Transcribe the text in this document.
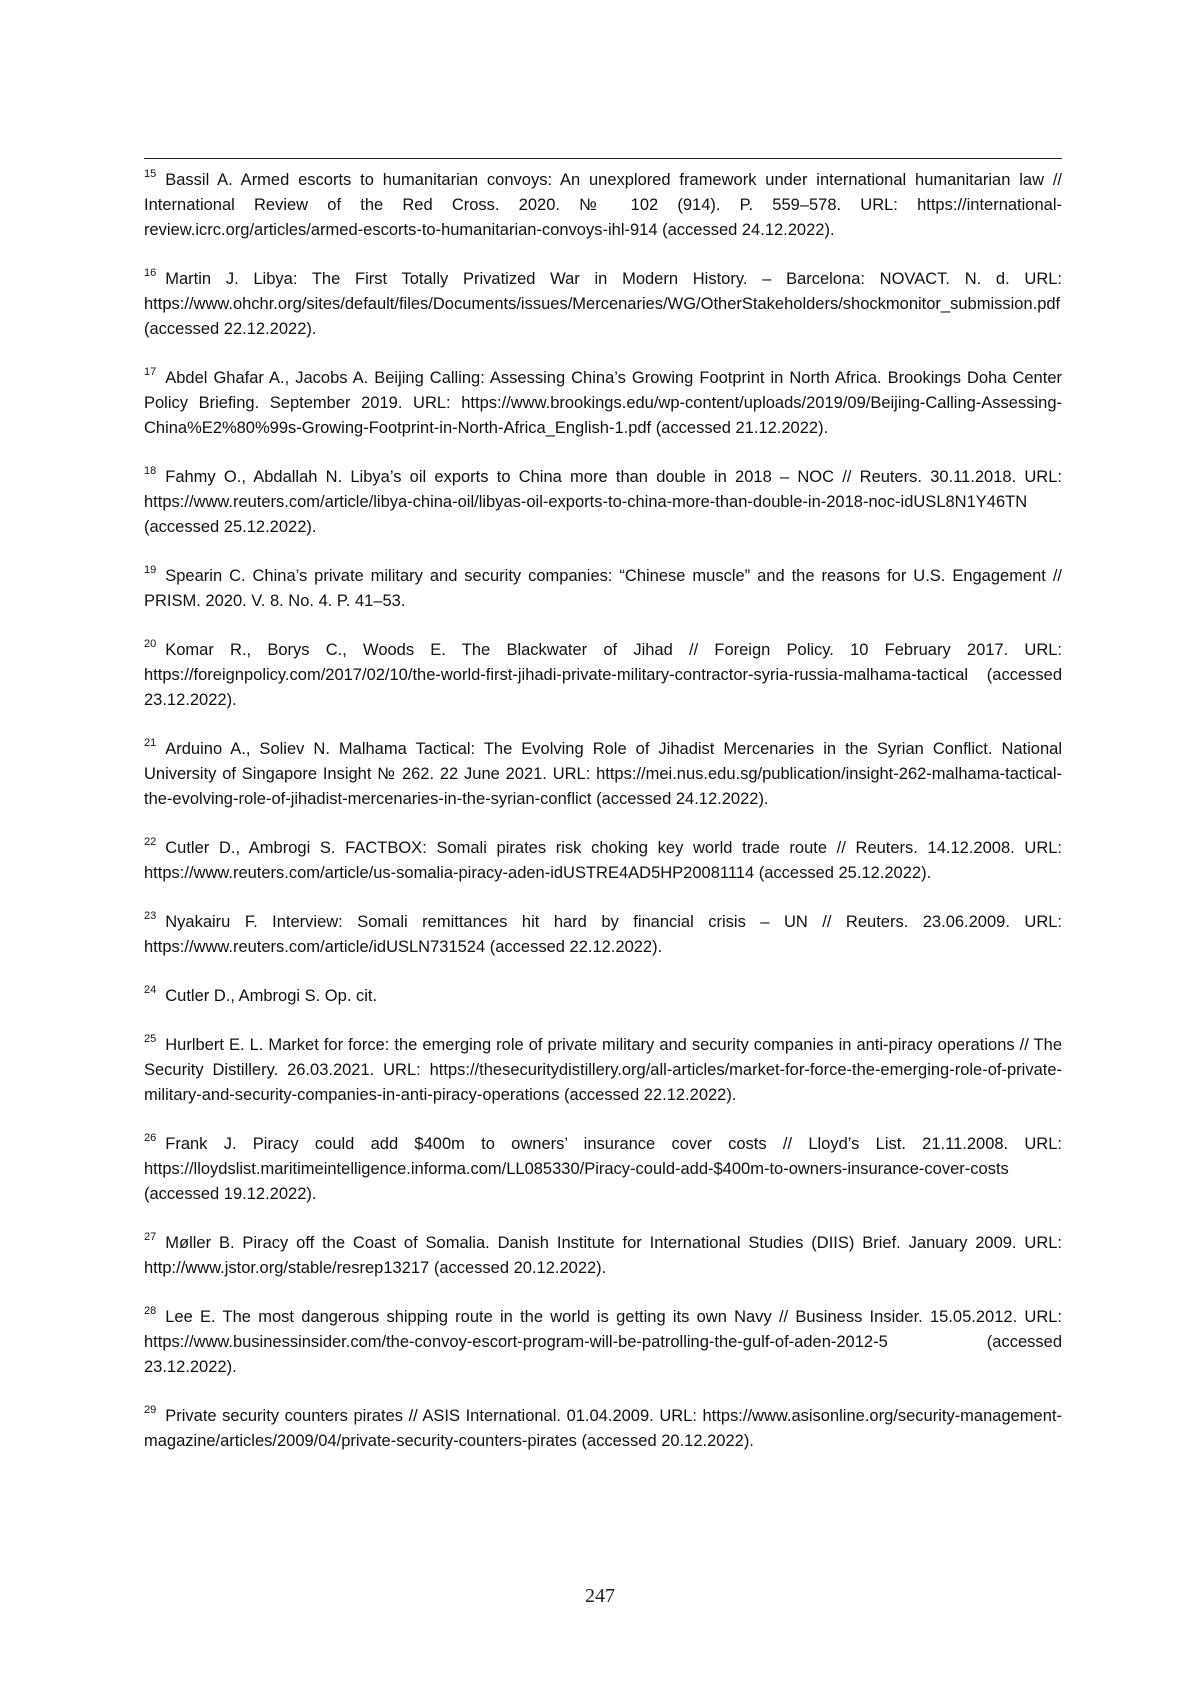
$^{15}$ Bassil A. Armed escorts to humanitarian convoys: An unexplored framework under international humanitarian law // International Review of the Red Cross. 2020. № 102 (914). P. 559–578. URL: https://international-review.icrc.org/articles/armed-escorts-to-humanitarian-convoys-ihl-914 (accessed 24.12.2022).

$^{16}$ Martin J. Libya: The First Totally Privatized War in Modern History. – Barcelona: NOVACT. N. d. URL: https://www.ohchr.org/sites/default/files/Documents/issues/Mercenaries/WG/OtherStakeholders/shockmonitor_submission.pdf (accessed 22.12.2022).

$^{17}$ Abdel Ghafar A., Jacobs A. Beijing Calling: Assessing China’s Growing Footprint in North Africa. Brookings Doha Center Policy Briefing. September 2019. URL: https://www.brookings.edu/wp-content/uploads/2019/09/Beijing-Calling-Assessing-China%E2%80%99s-Growing-Footprint-in-North-Africa_English-1.pdf (accessed 21.12.2022).

$^{18}$ Fahmy O., Abdallah N. Libya’s oil exports to China more than double in 2018 – NOC // Reuters. 30.11.2018. URL: https://www.reuters.com/article/libya-china-oil/libyas-oil-exports-to-china-more-than-double-in-2018-noc-idUSL8N1Y46TN (accessed 25.12.2022).

$^{19}$ Spearin C. China’s private military and security companies: “Chinese muscle” and the reasons for U.S. Engagement // PRISM. 2020. V. 8. No. 4. P. 41–53.

$^{20}$ Komar R., Borys C., Woods E. The Blackwater of Jihad // Foreign Policy. 10 February 2017. URL: https://foreignpolicy.com/2017/02/10/the-world-first-jihadi-private-military-contractor-syria-russia-malhama-tactical (accessed 23.12.2022).

$^{21}$ Arduino A., Soliev N. Malhama Tactical: The Evolving Role of Jihadist Mercenaries in the Syrian Conflict. National University of Singapore Insight № 262. 22 June 2021. URL: https://mei.nus.edu.sg/publication/insight-262-malhama-tactical-the-evolving-role-of-jihadist-mercenaries-in-the-syrian-conflict (accessed 24.12.2022).

$^{22}$ Cutler D., Ambrogi S. FACTBOX: Somali pirates risk choking key world trade route // Reuters. 14.12.2008. URL: https://www.reuters.com/article/us-somalia-piracy-aden-idUSTRE4AD5HP20081114 (accessed 25.12.2022).

$^{23}$ Nyakairu F. Interview: Somali remittances hit hard by financial crisis – UN // Reuters. 23.06.2009. URL: https://www.reuters.com/article/idUSLN731524 (accessed 22.12.2022).

$^{24}$ Cutler D., Ambrogi S. Op. cit.

$^{25}$ Hurlbert E. L. Market for force: the emerging role of private military and security companies in anti-piracy operations // The Security Distillery. 26.03.2021. URL: https://thesecuritydistillery.org/all-articles/market-for-force-the-emerging-role-of-private-military-and-security-companies-in-anti-piracy-operations (accessed 22.12.2022).

$^{26}$ Frank J. Piracy could add $400m to owners’ insurance cover costs // Lloyd’s List. 21.11.2008. URL: https://lloydslist.maritimeintelligence.informa.com/LL085330/Piracy-could-add-$400m-to-owners-insurance-cover-costs (accessed 19.12.2022).

$^{27}$ Møller B. Piracy off the Coast of Somalia. Danish Institute for International Studies (DIIS) Brief. January 2009. URL: http://www.jstor.org/stable/resrep13217 (accessed 20.12.2022).

$^{28}$ Lee E. The most dangerous shipping route in the world is getting its own Navy // Business Insider. 15.05.2012. URL: https://www.businessinsider.com/the-convoy-escort-program-will-be-patrolling-the-gulf-of-aden-2012-5 (accessed 23.12.2022).

$^{29}$ Private security counters pirates // ASIS International. 01.04.2009. URL: https://www.asisonline.org/security-management-magazine/articles/2009/04/private-security-counters-pirates (accessed 20.12.2022).

247
